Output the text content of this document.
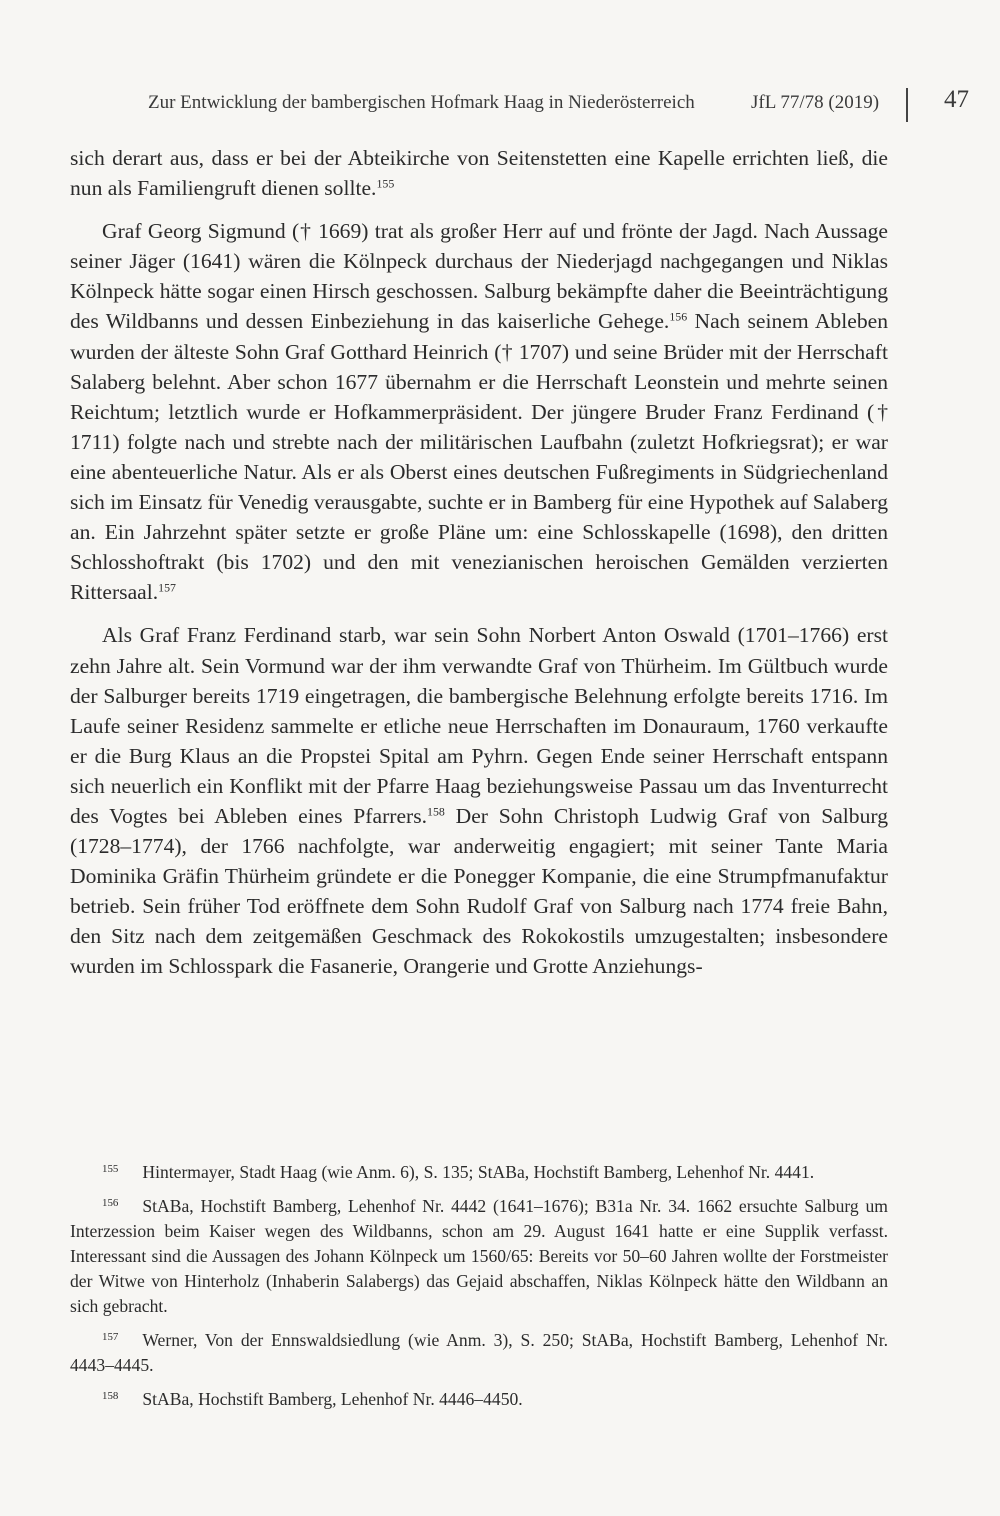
Zur Entwicklung der bambergischen Hofmark Haag in Niederösterreich	JfL 77/78 (2019)	47

sich derart aus, dass er bei der Abteikirche von Seitenstetten eine Kapelle errichten ließ, die nun als Familiengruft dienen sollte.$^{155}$

Graf Georg Sigmund († 1669) trat als großer Herr auf und frönte der Jagd. Nach Aussage seiner Jäger (1641) wären die Kölnpeck durchaus der Niederjagd nachgegangen und Niklas Kölnpeck hätte sogar einen Hirsch geschossen. Salburg bekämpfte daher die Beeinträchtigung des Wildbanns und dessen Einbeziehung in das kaiserliche Gehege.$^{156}$ Nach seinem Ableben wurden der älteste Sohn Graf Gotthard Heinrich († 1707) und seine Brüder mit der Herrschaft Salaberg belehnt. Aber schon 1677 übernahm er die Herrschaft Leonstein und mehrte seinen Reichtum; letztlich wurde er Hofkammerpräsident. Der jüngere Bruder Franz Ferdinand († 1711) folgte nach und strebte nach der militärischen Laufbahn (zuletzt Hofkriegsrat); er war eine abenteuerliche Natur. Als er als Oberst eines deutschen Fußregiments in Südgriechenland sich im Einsatz für Venedig verausgabte, suchte er in Bamberg für eine Hypothek auf Salaberg an. Ein Jahrzehnt später setzte er große Pläne um: eine Schlosskapelle (1698), den dritten Schlosshoftrakt (bis 1702) und den mit venezianischen heroischen Gemälden verzierten Rittersaal.$^{157}$

Als Graf Franz Ferdinand starb, war sein Sohn Norbert Anton Oswald (1701–1766) erst zehn Jahre alt. Sein Vormund war der ihm verwandte Graf von Thürheim. Im Gültbuch wurde der Salburger bereits 1719 eingetragen, die bambergische Belehnung erfolgte bereits 1716. Im Laufe seiner Residenz sammelte er etliche neue Herrschaften im Donauraum, 1760 verkaufte er die Burg Klaus an die Propstei Spital am Pyhrn. Gegen Ende seiner Herrschaft entspann sich neuerlich ein Konflikt mit der Pfarre Haag beziehungsweise Passau um das Inventurrecht des Vogtes bei Ableben eines Pfarrers.$^{158}$ Der Sohn Christoph Ludwig Graf von Salburg (1728–1774), der 1766 nachfolgte, war anderweitig engagiert; mit seiner Tante Maria Dominika Gräfin Thürheim gründete er die Ponegger Kompanie, die eine Strumpfmanufaktur betrieb. Sein früher Tod eröffnete dem Sohn Rudolf Graf von Salburg nach 1774 freie Bahn, den Sitz nach dem zeitgemäßen Geschmack des Rokokostils umzugestalten; insbesondere wurden im Schlosspark die Fasanerie, Orangerie und Grotte Anziehungs-

$^{155}$ Hintermayer, Stadt Haag (wie Anm. 6), S. 135; StABa, Hochstift Bamberg, Lehenhof Nr. 4441.

$^{156}$ StABa, Hochstift Bamberg, Lehenhof Nr. 4442 (1641–1676); B31a Nr. 34. 1662 ersuchte Salburg um Interzession beim Kaiser wegen des Wildbanns, schon am 29. August 1641 hatte er eine Supplik verfasst. Interessant sind die Aussagen des Johann Kölnpeck um 1560/65: Bereits vor 50–60 Jahren wollte der Forstmeister der Witwe von Hinterholz (Inhaberin Salabergs) das Gejaid abschaffen, Niklas Kölnpeck hätte den Wildbann an sich gebracht.

$^{157}$ Werner, Von der Ennswaldsiedlung (wie Anm. 3), S. 250; StABa, Hochstift Bamberg, Lehenhof Nr. 4443–4445.

$^{158}$ StABa, Hochstift Bamberg, Lehenhof Nr. 4446–4450.
